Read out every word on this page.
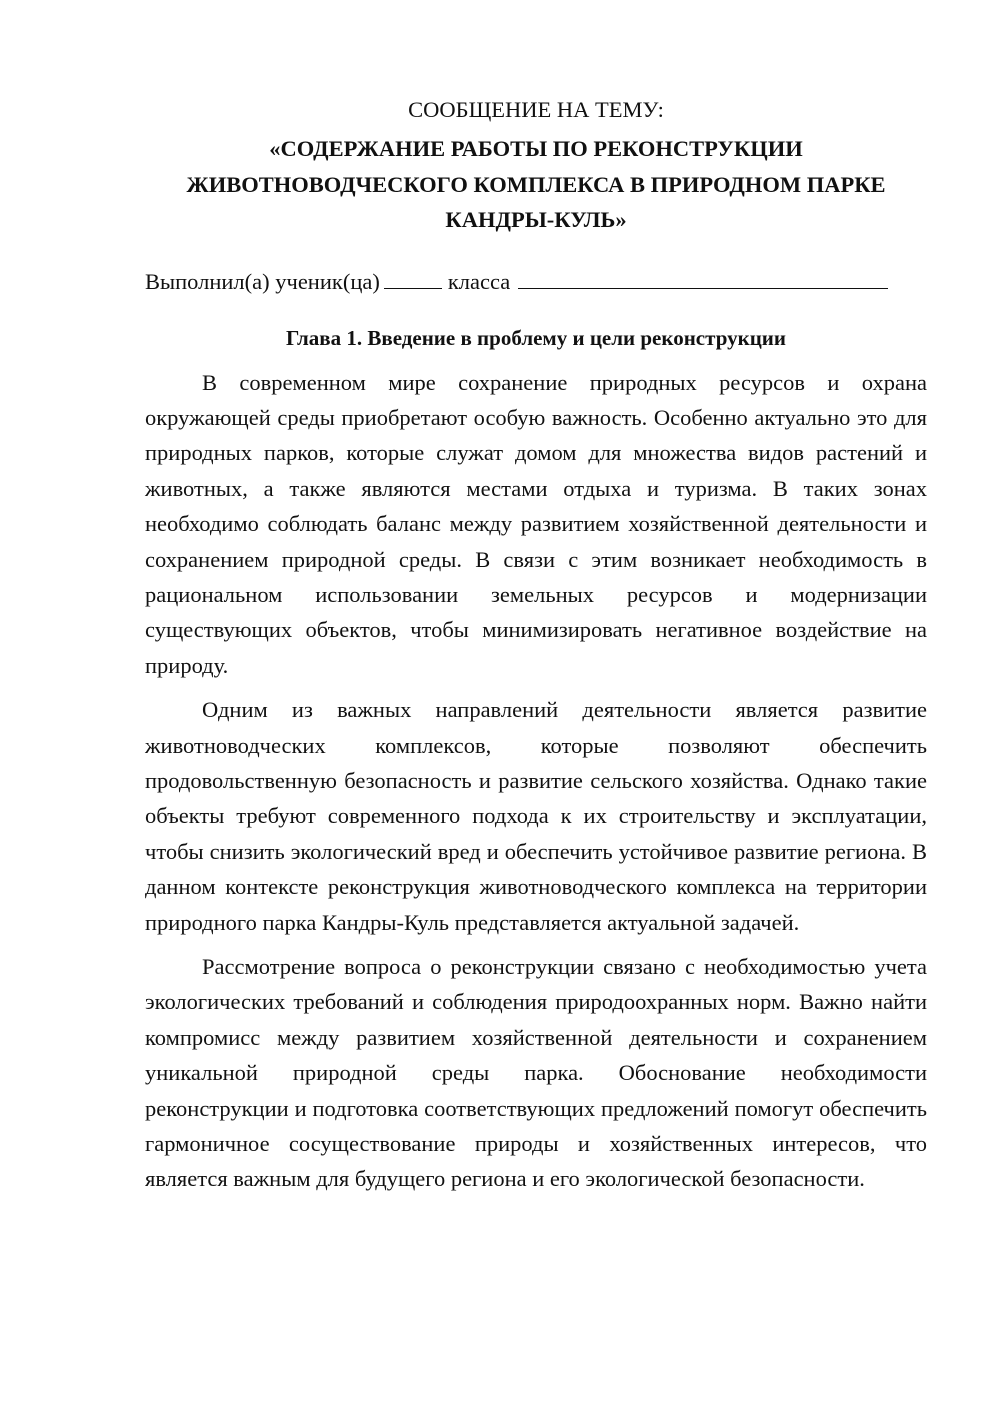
СООБЩЕНИЕ НА ТЕМУ:
«СОДЕРЖАНИЕ РАБОТЫ ПО РЕКОНСТРУКЦИИ
ЖИВОТНОВОДЧЕСКОГО КОМПЛЕКСА В ПРИРОДНОМ ПАРКЕ
КАНДРЫ-КУЛЬ»
Выполнил(а) ученик(ца)	класса
Глава 1. Введение в проблему и цели реконструкции

В современном мире сохранение природных ресурсов и охрана окружающей среды приобретают особую важность. Особенно актуально это для природных парков, которые служат домом для множества видов растений и животных, а также являются местами отдыха и туризма. В таких зонах необходимо соблюдать баланс между развитием хозяйственной деятельности и сохранением природной среды. В связи с этим возникает необходимость в рациональном использовании земельных ресурсов и модернизации существующих объектов, чтобы минимизировать негативное воздействие на природу.

Одним из важных направлений деятельности является развитие животноводческих комплексов, которые позволяют обеспечить продовольственную безопасность и развитие сельского хозяйства. Однако такие объекты требуют современного подхода к их строительству и эксплуатации, чтобы снизить экологический вред и обеспечить устойчивое развитие региона. В данном контексте реконструкция животноводческого комплекса на территории природного парка Кандры-Куль представляется актуальной задачей.

Рассмотрение вопроса о реконструкции связано с необходимостью учета экологических требований и соблюдения природоохранных норм. Важно найти компромисс между развитием хозяйственной деятельности и сохранением уникальной природной среды парка. Обоснование необходимости реконструкции и подготовка соответствующих предложений помогут обеспечить гармоничное сосуществование природы и хозяйственных интересов, что является важным для будущего региона и его экологической безопасности.
